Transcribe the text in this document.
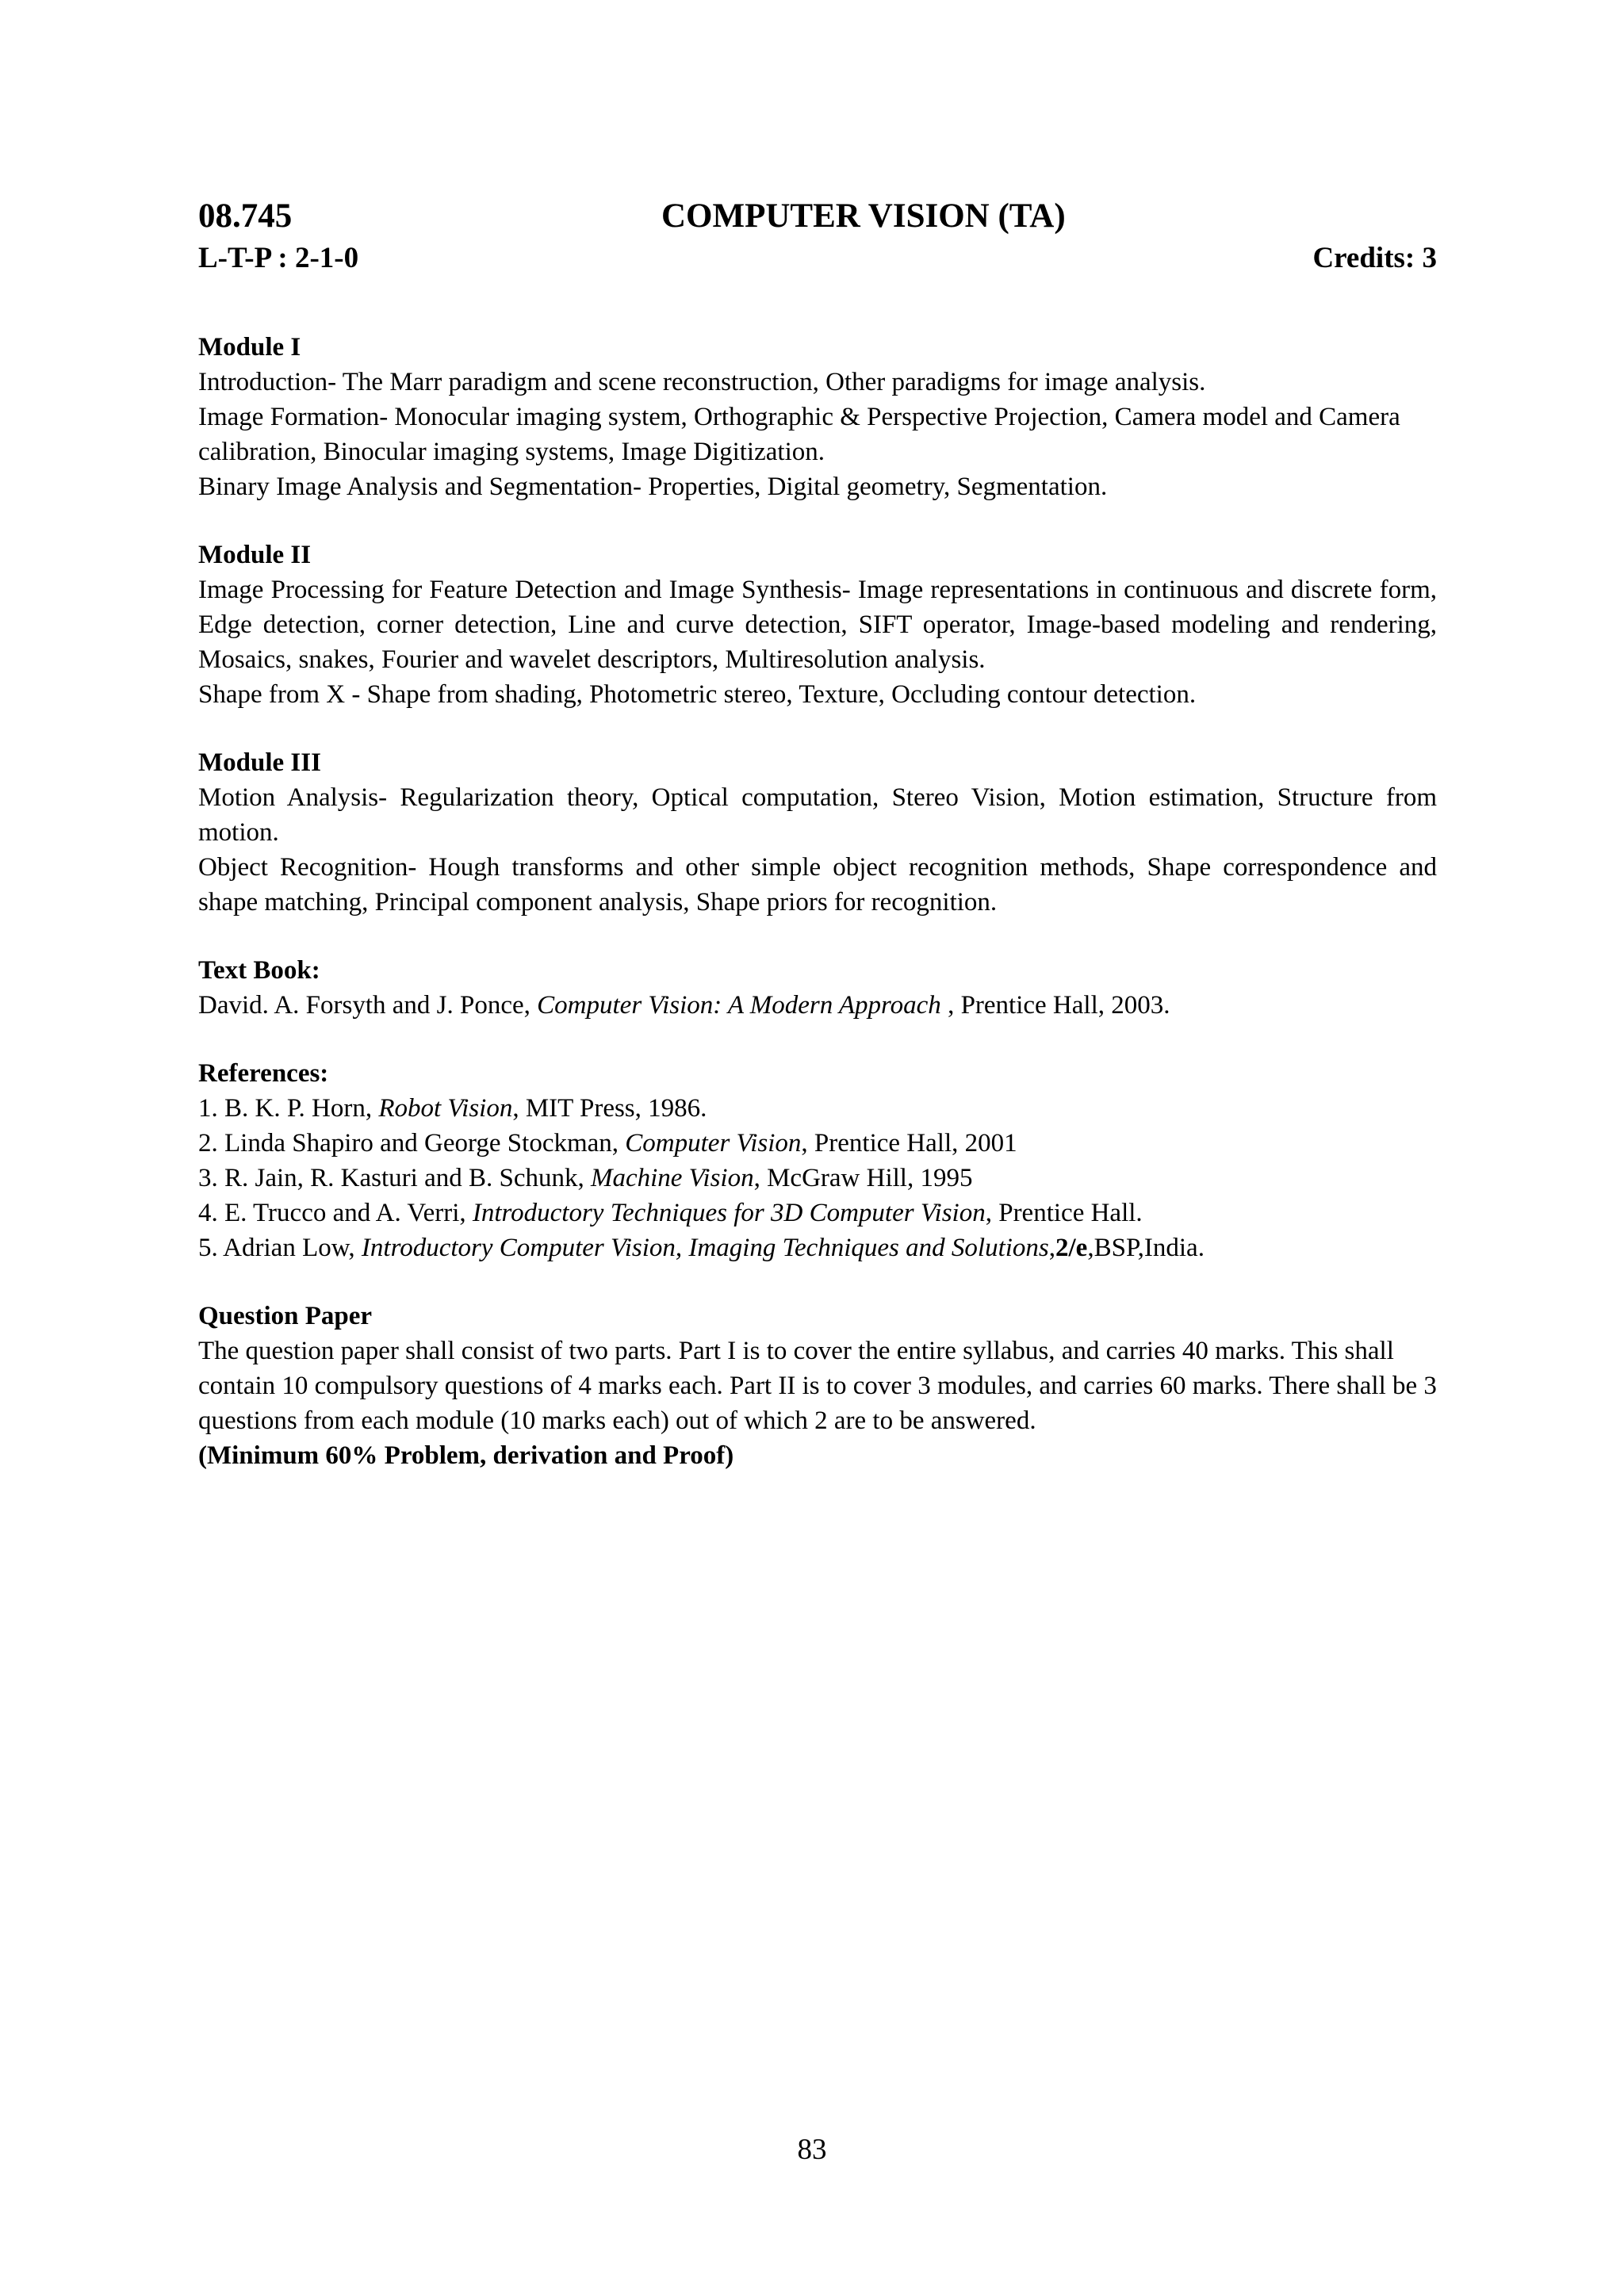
08.745	COMPUTER VISION (TA)
L-T-P : 2-1-0	Credits: 3
Module I

Introduction- The Marr paradigm and scene reconstruction, Other paradigms for image analysis.

Image Formation- Monocular imaging system, Orthographic & Perspective Projection, Camera model and Camera calibration, Binocular imaging systems, Image Digitization.

Binary Image Analysis and Segmentation- Properties, Digital geometry, Segmentation.

Module II

Image Processing for Feature Detection and Image Synthesis- Image representations in continuous and discrete form, Edge detection, corner detection, Line and curve detection, SIFT operator, Image-based modeling and rendering, Mosaics, snakes, Fourier and wavelet descriptors, Multiresolution analysis.

Shape from X - Shape from shading, Photometric stereo, Texture, Occluding contour detection.

Module III

Motion Analysis- Regularization theory, Optical computation, Stereo Vision, Motion estimation, Structure from motion.

Object Recognition- Hough transforms and other simple object recognition methods, Shape correspondence and shape matching, Principal component analysis, Shape priors for recognition.

Text Book:

David. A. Forsyth and J. Ponce, Computer Vision: A Modern Approach , Prentice Hall, 2003.

References:
1. B. K. P. Horn, Robot Vision, MIT Press, 1986.
2. Linda Shapiro and George Stockman, Computer Vision, Prentice Hall, 2001
3. R. Jain, R. Kasturi and B. Schunk, Machine Vision, McGraw Hill, 1995
4. E. Trucco and A. Verri, Introductory Techniques for 3D Computer Vision, Prentice Hall.
5. Adrian Low, Introductory Computer Vision, Imaging Techniques and Solutions,2/e,BSP,India.
Question Paper

The question paper shall consist of two parts. Part I is to cover the entire syllabus, and carries 40 marks. This shall contain 10 compulsory questions of 4 marks each. Part II is to cover 3 modules, and carries 60 marks. There shall be 3 questions from each module (10 marks each) out of which 2 are to be answered.

(Minimum 60% Problem, derivation and Proof)
83
